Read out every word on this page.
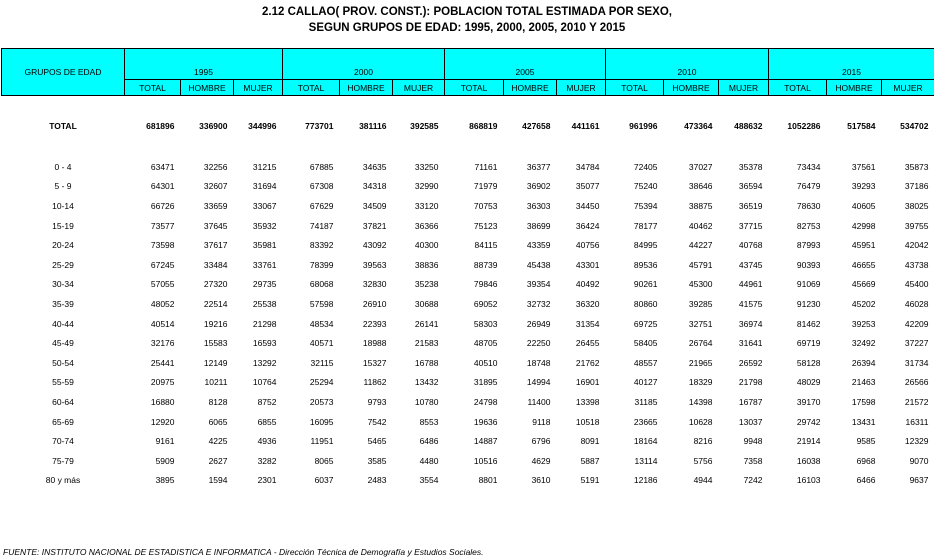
2.12 CALLAO( PROV. CONST.): POBLACION TOTAL ESTIMADA POR SEXO,
SEGUN GRUPOS DE EDAD: 1995, 2000, 2005, 2010 Y 2015
GRUPOS DE EDAD	1995			2000			2005			2010			2015		

	TOTAL	HOMBRE	MUJER	TOTAL	HOMBRE	MUJER	TOTAL	HOMBRE	MUJER	TOTAL	HOMBRE	MUJER	TOTAL	HOMBRE	MUJER

TOTAL	681896	336900	344996	773701	381116	392585	868819	427658	441161	961996	473364	488632	1052286	517584	534702

0 - 4	63471	32256	31215	67885	34635	33250	71161	36377	34784	72405	37027	35378	73434	37561	35873
5 - 9	64301	32607	31694	67308	34318	32990	71979	36902	35077	75240	38646	36594	76479	39293	37186
10-14	66726	33659	33067	67629	34509	33120	70753	36303	34450	75394	38875	36519	78630	40605	38025
15-19	73577	37645	35932	74187	37821	36366	75123	38699	36424	78177	40462	37715	82753	42998	39755
20-24	73598	37617	35981	83392	43092	40300	84115	43359	40756	84995	44227	40768	87993	45951	42042
25-29	67245	33484	33761	78399	39563	38836	88739	45438	43301	89536	45791	43745	90393	46655	43738
30-34	57055	27320	29735	68068	32830	35238	79846	39354	40492	90261	45300	44961	91069	45669	45400
35-39	48052	22514	25538	57598	26910	30688	69052	32732	36320	80860	39285	41575	91230	45202	46028
40-44	40514	19216	21298	48534	22393	26141	58303	26949	31354	69725	32751	36974	81462	39253	42209
45-49	32176	15583	16593	40571	18988	21583	48705	22250	26455	58405	26764	31641	69719	32492	37227
50-54	25441	12149	13292	32115	15327	16788	40510	18748	21762	48557	21965	26592	58128	26394	31734
55-59	20975	10211	10764	25294	11862	13432	31895	14994	16901	40127	18329	21798	48029	21463	26566
60-64	16880	8128	8752	20573	9793	10780	24798	11400	13398	31185	14398	16787	39170	17598	21572
65-69	12920	6065	6855	16095	7542	8553	19636	9118	10518	23665	10628	13037	29742	13431	16311
70-74	9161	4225	4936	11951	5465	6486	14887	6796	8091	18164	8216	9948	21914	9585	12329
75-79	5909	2627	3282	8065	3585	4480	10516	4629	5887	13114	5756	7358	16038	6968	9070
80 y más	3895	1594	2301	6037	2483	3554	8801	3610	5191	12186	4944	7242	16103	6466	9637
FUENTE: INSTITUTO NACIONAL DE ESTADISTICA E INFORMATICA - Dirección Técnica de Demografía y Estudios Sociales.
